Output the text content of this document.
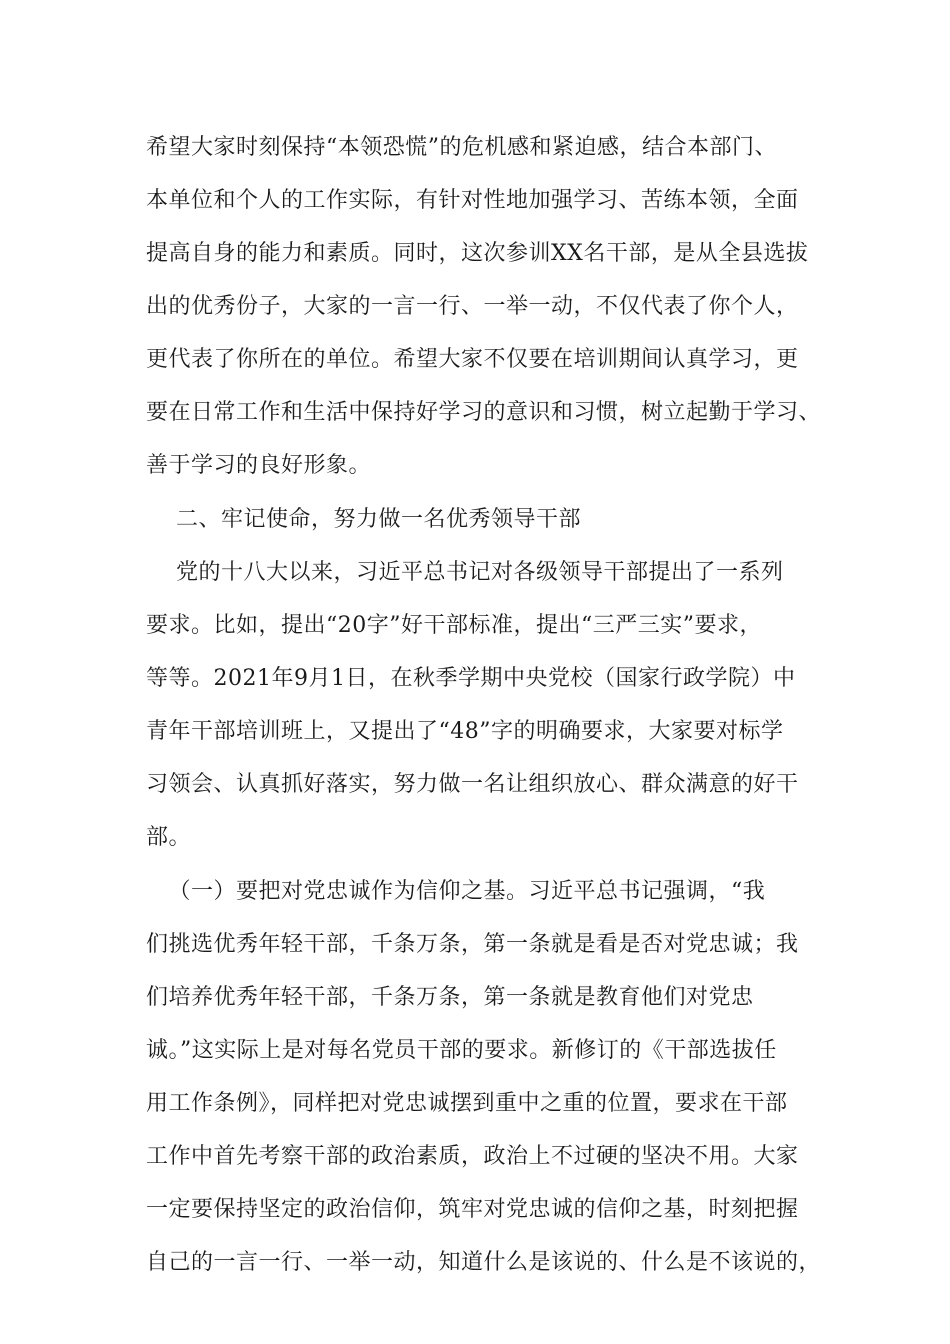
希望大家时刻保持“本领恐慌”的危机感和紧迫感，结合本部门、
本单位和个人的工作实际，有针对性地加强学习、苦练本领，全面
提高自身的能力和素质。同时，这次参训XX名干部，是从全县选拔
出的优秀份子，大家的一言一行、一举一动，不仅代表了你个人，
更代表了你所在的单位。希望大家不仅要在培训期间认真学习，更
要在日常工作和生活中保持好学习的意识和习惯，树立起勤于学习、
善于学习的良好形象。
二、牢记使命，努力做一名优秀领导干部
党的十八大以来，习近平总书记对各级领导干部提出了一系列
要求。比如，提出“20字”好干部标准，提出“三严三实”要求，
等等。2021年9月1日，在秋季学期中央党校（国家行政学院）中
青年干部培训班上，又提出了“48”字的明确要求，大家要对标学
习领会、认真抓好落实，努力做一名让组织放心、群众满意的好干
部。
（一）要把对党忠诚作为信仰之基。习近平总书记强调，“我
们挑选优秀年轻干部，千条万条，第一条就是看是否对党忠诚；我
们培养优秀年轻干部，千条万条，第一条就是教育他们对党忠
诚。”这实际上是对每名党员干部的要求。新修订的《干部选拔任
用工作条例》，同样把对党忠诚摆到重中之重的位置，要求在干部
工作中首先考察干部的政治素质，政治上不过硬的坚决不用。大家
一定要保持坚定的政治信仰，筑牢对党忠诚的信仰之基，时刻把握
自己的一言一行、一举一动，知道什么是该说的、什么是不该说的，
